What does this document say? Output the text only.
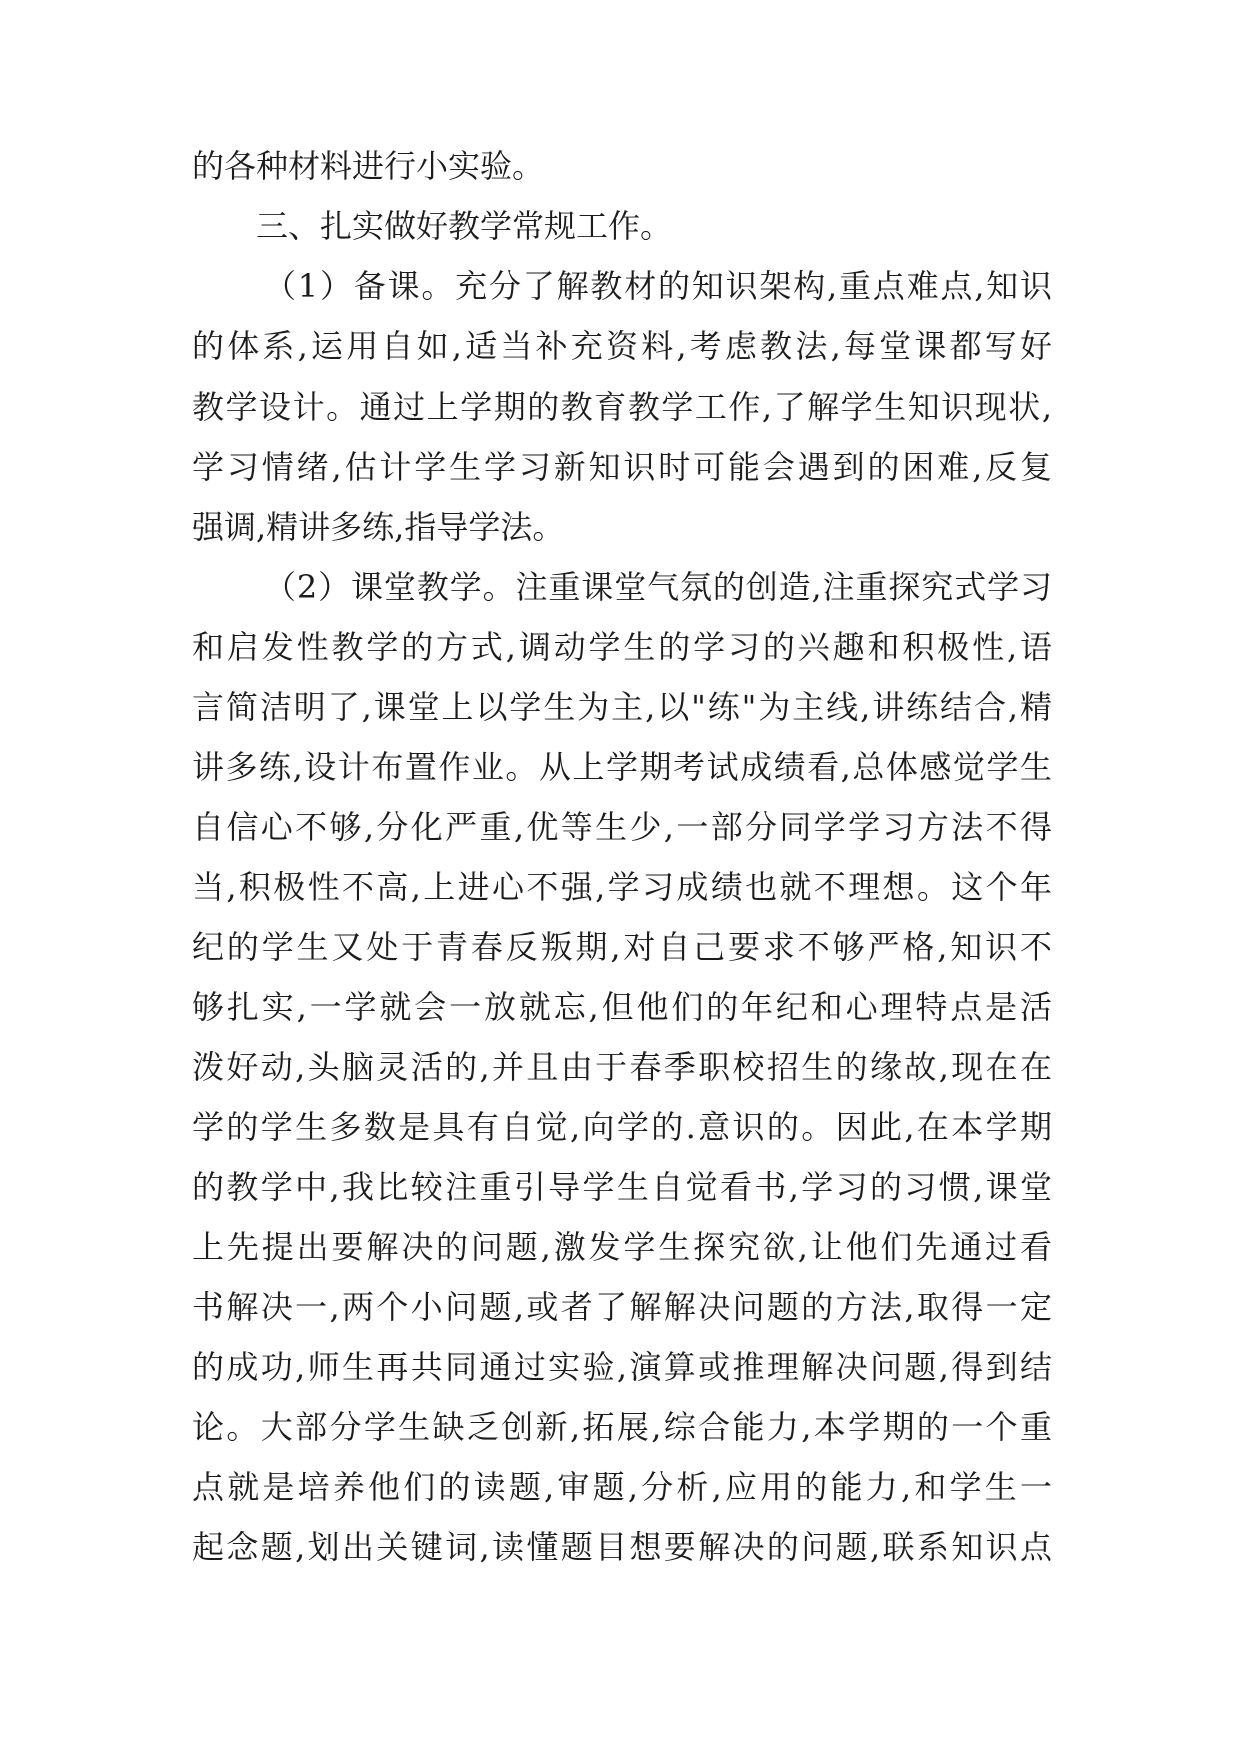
的各种材料进行小实验。
三、扎实做好教学常规工作。
（1）备课。充分了解教材的知识架构,重点难点,知识
的体系,运用自如,适当补充资料,考虑教法,每堂课都写好
教学设计。通过上学期的教育教学工作,了解学生知识现状,
学习情绪,估计学生学习新知识时可能会遇到的困难,反复
强调,精讲多练,指导学法。
（2）课堂教学。注重课堂气氛的创造,注重探究式学习
和启发性教学的方式,调动学生的学习的兴趣和积极性,语
言简洁明了,课堂上以学生为主,以"练"为主线,讲练结合,精
讲多练,设计布置作业。从上学期考试成绩看,总体感觉学生
自信心不够,分化严重,优等生少,一部分同学学习方法不得
当,积极性不高,上进心不强,学习成绩也就不理想。这个年
纪的学生又处于青春反叛期,对自己要求不够严格,知识不
够扎实,一学就会一放就忘,但他们的年纪和心理特点是活
泼好动,头脑灵活的,并且由于春季职校招生的缘故,现在在
学的学生多数是具有自觉,向学的.意识的。因此,在本学期
的教学中,我比较注重引导学生自觉看书,学习的习惯,课堂
上先提出要解决的问题,激发学生探究欲,让他们先通过看
书解决一,两个小问题,或者了解解决问题的方法,取得一定
的成功,师生再共同通过实验,演算或推理解决问题,得到结
论。大部分学生缺乏创新,拓展,综合能力,本学期的一个重
点就是培养他们的读题,审题,分析,应用的能力,和学生一
起念题,划出关键词,读懂题目想要解决的问题,联系知识点
